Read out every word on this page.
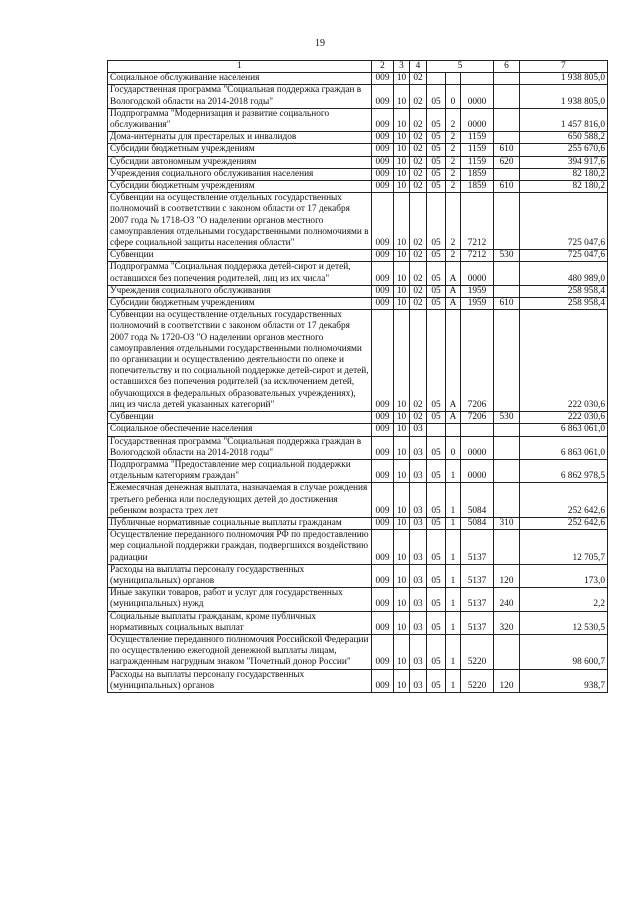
19
1	2	3	4	5			6	7
Социальное обслуживание населения	009	10	02					1 938 805,0
Государственная программа "Социальная поддержка граждан в Вологодской области на 2014-2018 годы"	009	10	02	05	0	0000		1 938 805,0
Подпрограмма "Модернизация и развитие социального обслуживания"	009	10	02	05	2	0000		1 457 816,0
Дома-интернаты для престарелых и инвалидов	009	10	02	05	2	1159		650 588,2
Субсидии бюджетным учреждениям	009	10	02	05	2	1159	610	255 670,6
Субсидии автономным учреждениям	009	10	02	05	2	1159	620	394 917,6
Учреждения социального обслуживания населения	009	10	02	05	2	1859		82 180,2
Субсидии бюджетным учреждениям	009	10	02	05	2	1859	610	82 180,2
Субвенции на осуществление отдельных государственных полномочий в соответствии с законом области от 17 декабря 2007 года № 1718-ОЗ "О наделении органов местного самоуправления отдельными государственными полномочиями в сфере социальной защиты населения области"	009	10	02	05	2	7212		725 047,6
Субвенции	009	10	02	05	2	7212	530	725 047,6
Подпрограмма "Социальная поддержка детей-сирот и детей, оставшихся без попечения родителей, лиц из их числа"	009	10	02	05	А	0000		480 989,0
Учреждения социального обслуживания	009	10	02	05	А	1959		258 958,4
Субсидии бюджетным учреждениям	009	10	02	05	А	1959	610	258 958,4
Субвенции на осуществление отдельных государственных полномочий в соответствии с законом области от 17 декабря 2007 года № 1720-ОЗ "О наделении органов местного самоуправления отдельными государственными полномочиями по организации и осуществлению деятельности по опеке и попечительству и по социальной поддержке детей-сирот и детей, оставшихся без попечения родителей (за исключением детей, обучающихся в федеральных образовательных учреждениях), лиц из числа детей указанных категорий"	009	10	02	05	А	7206		222 030,6
Субвенции	009	10	02	05	А	7206	530	222 030,6
Социальное обеспечение населения	009	10	03					6 863 061,0
Государственная программа "Социальная поддержка граждан в Вологодской области на 2014-2018 годы"	009	10	03	05	0	0000		6 863 061,0
Подпрограмма "Предоставление мер социальной поддержки отдельным категориям граждан"	009	10	03	05	1	0000		6 862 978,5
Ежемесячная денежная выплата, назначаемая в случае рождения третьего ребенка или последующих детей до достижения ребенком возраста трех лет	009	10	03	05	1	5084		252 642,6
Публичные нормативные социальные выплаты гражданам	009	10	03	05	1	5084	310	252 642,6
Осуществление переданного полномочия РФ по предоставлению мер социальной поддержки граждан, подвергшихся воздействию радиации	009	10	03	05	1	5137		12 705,7
Расходы на выплаты персоналу государственных (муниципальных) органов	009	10	03	05	1	5137	120	173,0
Иные закупки товаров, работ и услуг для государственных (муниципальных) нужд	009	10	03	05	1	5137	240	2,2
Социальные выплаты гражданам, кроме публичных нормативных социальных выплат	009	10	03	05	1	5137	320	12 530,5
Осуществление переданного полномочия Российской Федерации по осуществлению ежегодной денежной выплаты лицам, награжденным нагрудным знаком "Почетный донор России"	009	10	03	05	1	5220		98 600,7
Расходы на выплаты персоналу государственных (муниципальных) органов	009	10	03	05	1	5220	120	938,7
